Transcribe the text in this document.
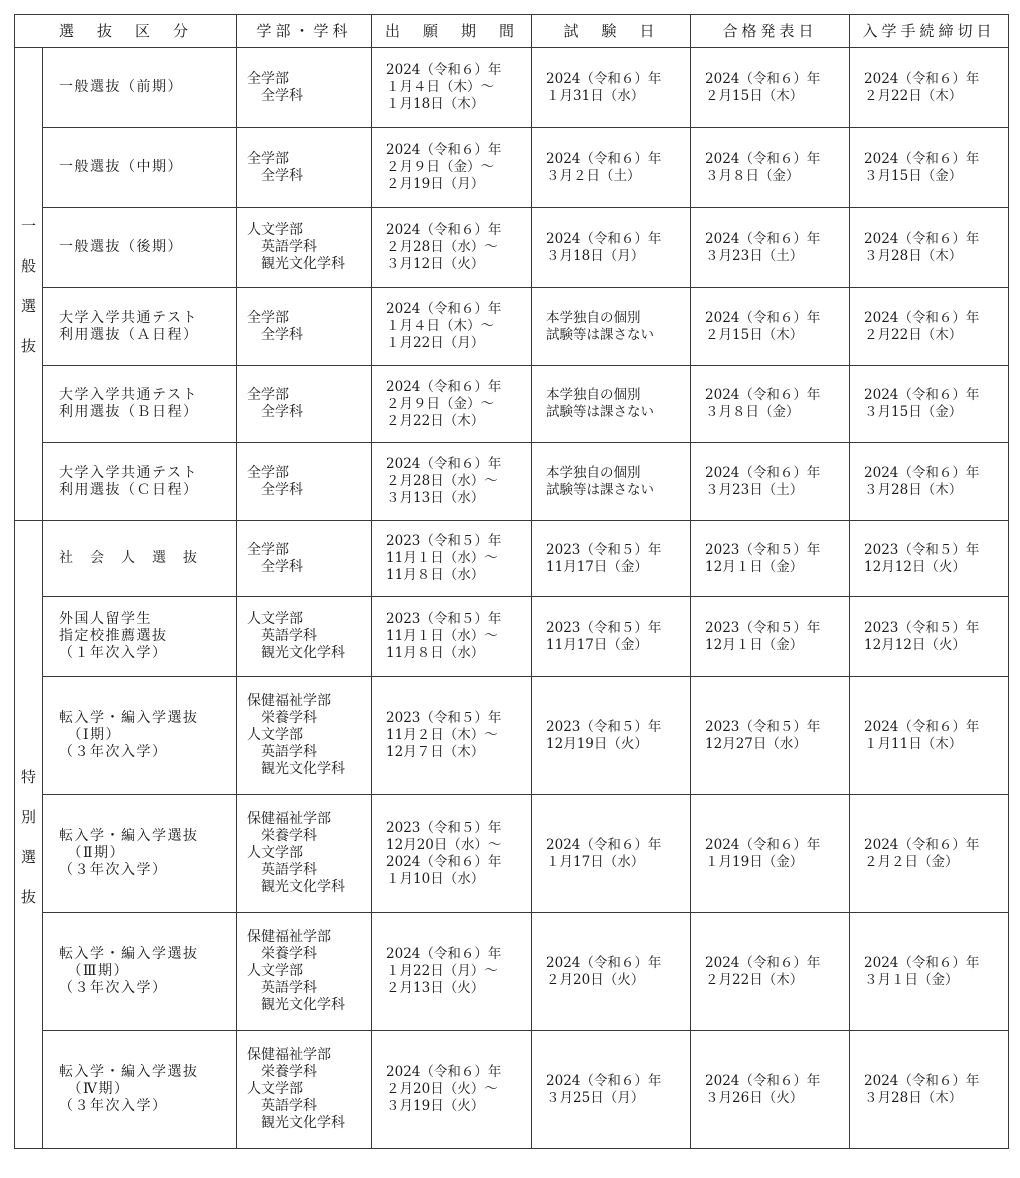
選　抜　区　分		学部・学科	出　願　期　間	試　験　日	合格発表日	入学手続締切日

一
般
選
抜	一般選抜（前期）	全学部
　全学科	2024（令和６）年
１月４日（木）～
１月18日（木）	2024（令和６）年
１月31日（水）	2024（令和６）年
２月15日（木）	2024（令和６）年
２月22日（木）

	一般選抜（中期）	全学部
　全学科	2024（令和６）年
２月９日（金）～
２月19日（月）	2024（令和６）年
３月２日（土）	2024（令和６）年
３月８日（金）	2024（令和６）年
３月15日（金）

	一般選抜（後期）	人文学部
　英語学科
　観光文化学科	2024（令和６）年
２月28日（水）～
３月12日（火）	2024（令和６）年
３月18日（月）	2024（令和６）年
３月23日（土）	2024（令和６）年
３月28日（木）

	大学入学共通テスト
利用選抜（Ａ日程）	全学部
　全学科	2024（令和６）年
１月４日（木）～
１月22日（月）	本学独自の個別
試験等は課さない	2024（令和６）年
２月15日（木）	2024（令和６）年
２月22日（木）

	大学入学共通テスト
利用選抜（Ｂ日程）	全学部
　全学科	2024（令和６）年
２月９日（金）～
２月22日（木）	本学独自の個別
試験等は課さない	2024（令和６）年
３月８日（金）	2024（令和６）年
３月15日（金）

	大学入学共通テスト
利用選抜（Ｃ日程）	全学部
　全学科	2024（令和６）年
２月28日（水）～
３月13日（水）	本学独自の個別
試験等は課さない	2024（令和６）年
３月23日（土）	2024（令和６）年
３月28日（木）

特
別
選
抜	社　会　人　選　抜	全学部
　全学科	2023（令和５）年
11月１日（水）～
11月８日（水）	2023（令和５）年
11月17日（金）	2023（令和５）年
12月１日（金）	2023（令和５）年
12月12日（火）

	外国人留学生
指定校推薦選抜
（１年次入学）	人文学部
　英語学科
　観光文化学科	2023（令和５）年
11月１日（水）～
11月８日（水）	2023（令和５）年
11月17日（金）	2023（令和５）年
12月１日（金）	2023（令和５）年
12月12日（火）

	転入学・編入学選抜
　（Ⅰ期）
（３年次入学）	保健福祉学部
　栄養学科
人文学部
　英語学科
　観光文化学科	2023（令和５）年
11月２日（木）～
12月７日（木）	2023（令和５）年
12月19日（火）	2023（令和５）年
12月27日（水）	2024（令和６）年
１月11日（木）

	転入学・編入学選抜
　（Ⅱ期）
（３年次入学）	保健福祉学部
　栄養学科
人文学部
　英語学科
　観光文化学科	2023（令和５）年
12月20日（水）～
2024（令和６）年
１月10日（水）	2024（令和６）年
１月17日（水）	2024（令和６）年
１月19日（金）	2024（令和６）年
２月２日（金）

	転入学・編入学選抜
　（Ⅲ期）
（３年次入学）	保健福祉学部
　栄養学科
人文学部
　英語学科
　観光文化学科	2024（令和６）年
１月22日（月）～
２月13日（火）	2024（令和６）年
２月20日（火）	2024（令和６）年
２月22日（木）	2024（令和６）年
３月１日（金）

	転入学・編入学選抜
　（Ⅳ期）
（３年次入学）	保健福祉学部
　栄養学科
人文学部
　英語学科
　観光文化学科	2024（令和６）年
２月20日（火）～
３月19日（火）	2024（令和６）年
３月25日（月）	2024（令和６）年
３月26日（火）	2024（令和６）年
３月28日（木）
